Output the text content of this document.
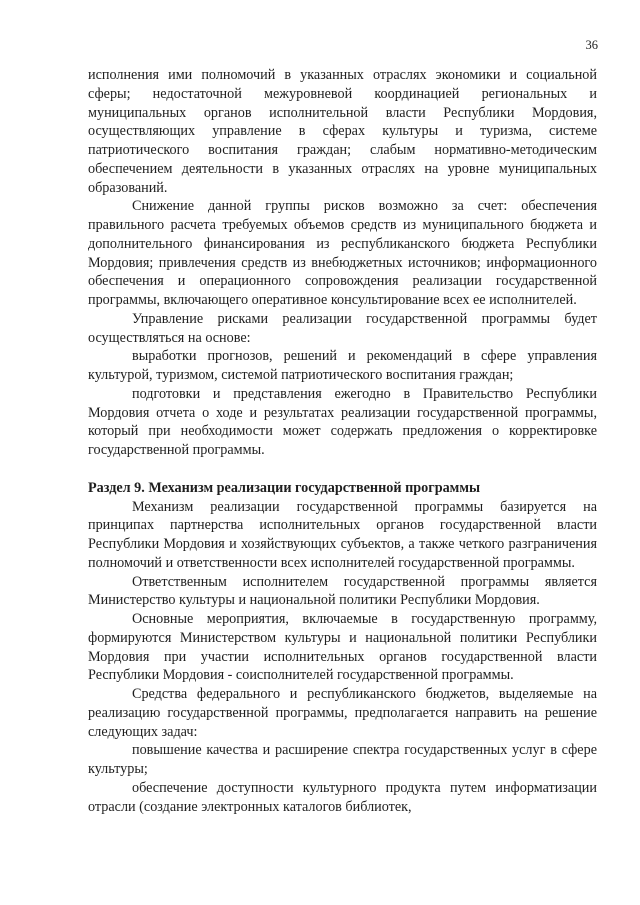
36

исполнения ими полномочий в указанных отраслях экономики и социальной сферы; недостаточной межуровневой координацией региональных и муниципальных органов исполнительной власти Республики Мордовия, осуществляющих управление в сферах культуры и туризма, системе патриотического воспитания граждан; слабым нормативно-методическим обеспечением деятельности в указанных отраслях на уровне муниципальных образований.

Снижение данной группы рисков возможно за счет: обеспечения правильного расчета требуемых объемов средств из муниципального бюджета и дополнительного финансирования из республиканского бюджета Республики Мордовия; привлечения средств из внебюджетных источников; информационного обеспечения и операционного сопровождения реализации государственной программы, включающего оперативное консультирование всех ее исполнителей.

Управление рисками реализации государственной программы будет осуществляться на основе:

выработки прогнозов, решений и рекомендаций в сфере управления культурой, туризмом, системой патриотического воспитания граждан;

подготовки и представления ежегодно в Правительство Республики Мордовия отчета о ходе и результатах реализации государственной программы, который при необходимости может содержать предложения о корректировке государственной программы.

Раздел 9. Механизм реализации государственной программы

Механизм реализации государственной программы базируется на принципах партнерства исполнительных органов государственной власти Республики Мордовия и хозяйствующих субъектов, а также четкого разграничения полномочий и ответственности всех исполнителей государственной программы.

Ответственным исполнителем государственной программы является Министерство культуры и национальной политики Республики Мордовия.

Основные мероприятия, включаемые в государственную программу, формируются Министерством культуры и национальной политики Республики Мордовия при участии исполнительных органов государственной власти Республики Мордовия - соисполнителей государственной программы.

Средства федерального и республиканского бюджетов, выделяемые на реализацию государственной программы, предполагается направить на решение следующих задач:

повышение качества и расширение спектра государственных услуг в сфере культуры;

обеспечение доступности культурного продукта путем информатизации отрасли (создание электронных каталогов библиотек,
